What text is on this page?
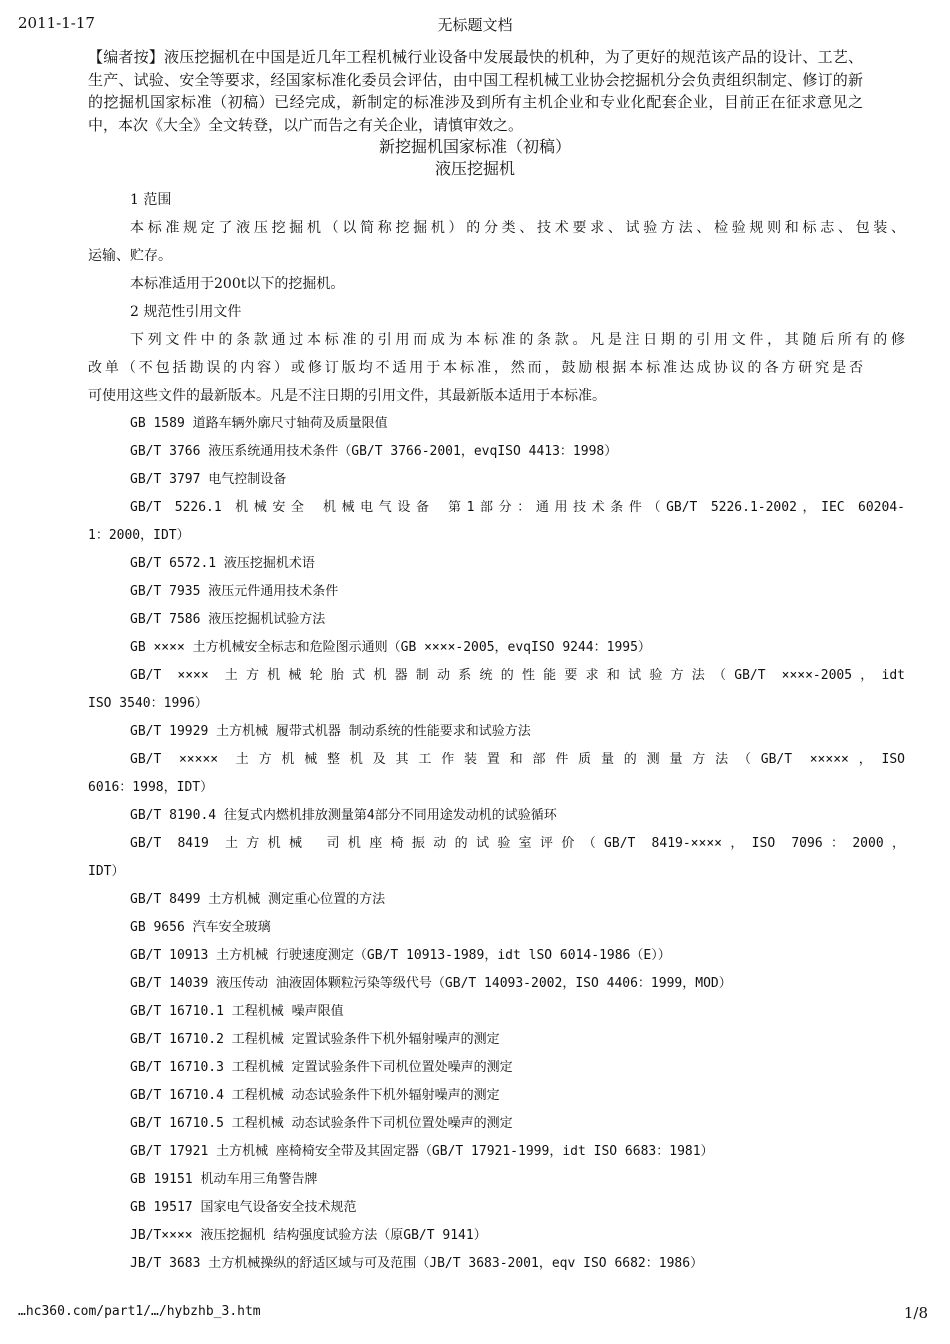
2011-1-17	无标题文档

【编者按】液压挖掘机在中国是近几年工程机械行业设备中发展最快的机种，为了更好的规范该产品的设计、工艺、生产、试验、安全等要求，经国家标准化委员会评估，由中国工程机械工业协会挖掘机分会负责组织制定、修订的新的挖掘机国家标准（初稿）已经完成，新制定的标准涉及到所有主机企业和专业化配套企业，目前正在征求意见之中，本次《大全》全文转登，以广而告之有关企业，请慎审效之。

新挖掘机国家标准（初稿）
液压挖掘机
1 范围
本标准规定了液压挖掘机（以简称挖掘机）的分类、技术要求、试验方法、检验规则和标志、包装、
运输、贮存。
本标准适用于200t以下的挖掘机。
2 规范性引用文件
下列文件中的条款通过本标准的引用而成为本标准的条款。凡是注日期的引用文件，其随后所有的修
改单（不包括勘误的内容）或修订版均不适用于本标准，然而，鼓励根据本标准达成协议的各方研究是否
可使用这些文件的最新版本。凡是不注日期的引用文件，其最新版本适用于本标准。
GB 1589 道路车辆外廓尺寸轴荷及质量限值
GB/T 3766 液压系统通用技术条件（GB/T 3766-2001，evqISO 4413：1998）
GB/T 3797 电气控制设备
GB/T 5226.1 机械安全 机械电气设备 第1部分：通用技术条件（GB/T 5226.1-2002，IEC 60204-
1：2000，IDT）
GB/T 6572.1 液压挖掘机术语
GB/T 7935 液压元件通用技术条件
GB/T 7586 液压挖掘机试验方法
GB ×××× 土方机械安全标志和危险图示通则（GB ××××-2005，evqISO 9244：1995）
GB/T ×××× 土方机械轮胎式机器制动系统的性能要求和试验方法（GB/T ××××-2005，idt
ISO 3540：1996）
GB/T 19929 土方机械 履带式机器 制动系统的性能要求和试验方法
GB/T ××××× 土方机械整机及其工作装置和部件质量的测量方法（GB/T ×××××，ISO
6016：1998，IDT）
GB/T 8190.4 往复式内燃机排放测量第4部分不同用途发动机的试验循环
GB/T 8419 土方机械 司机座椅振动的试验室评价（GB/T 8419-××××，ISO 7096：2000，
IDT）
GB/T 8499 土方机械 测定重心位置的方法
GB 9656 汽车安全玻璃
GB/T 10913 土方机械 行驶速度测定（GB/T 10913-1989，idt lSO 6014-1986（E））
GB/T 14039 液压传动 油液固体颗粒污染等级代号（GB/T 14093-2002，ISO 4406：1999，MOD）
GB/T 16710.1 工程机械 噪声限值
GB/T 16710.2 工程机械 定置试验条件下机外辐射噪声的测定
GB/T 16710.3 工程机械 定置试验条件下司机位置处噪声的测定
GB/T 16710.4 工程机械 动态试验条件下机外辐射噪声的测定
GB/T 16710.5 工程机械 动态试验条件下司机位置处噪声的测定
GB/T 17921 土方机械 座椅椅安全带及其固定器（GB/T 17921-1999，idt ISO 6683：1981）
GB 19151 机动车用三角警告牌
GB 19517 国家电气设备安全技术规范
JB/T×××× 液压挖掘机 结构强度试验方法（原GB/T 9141）
JB/T 3683 土方机械操纵的舒适区域与可及范围（JB/T 3683-2001，eqv ISO 6682：1986）
…hc360.com/part1/…/hybzhb_3.htm	1/8
